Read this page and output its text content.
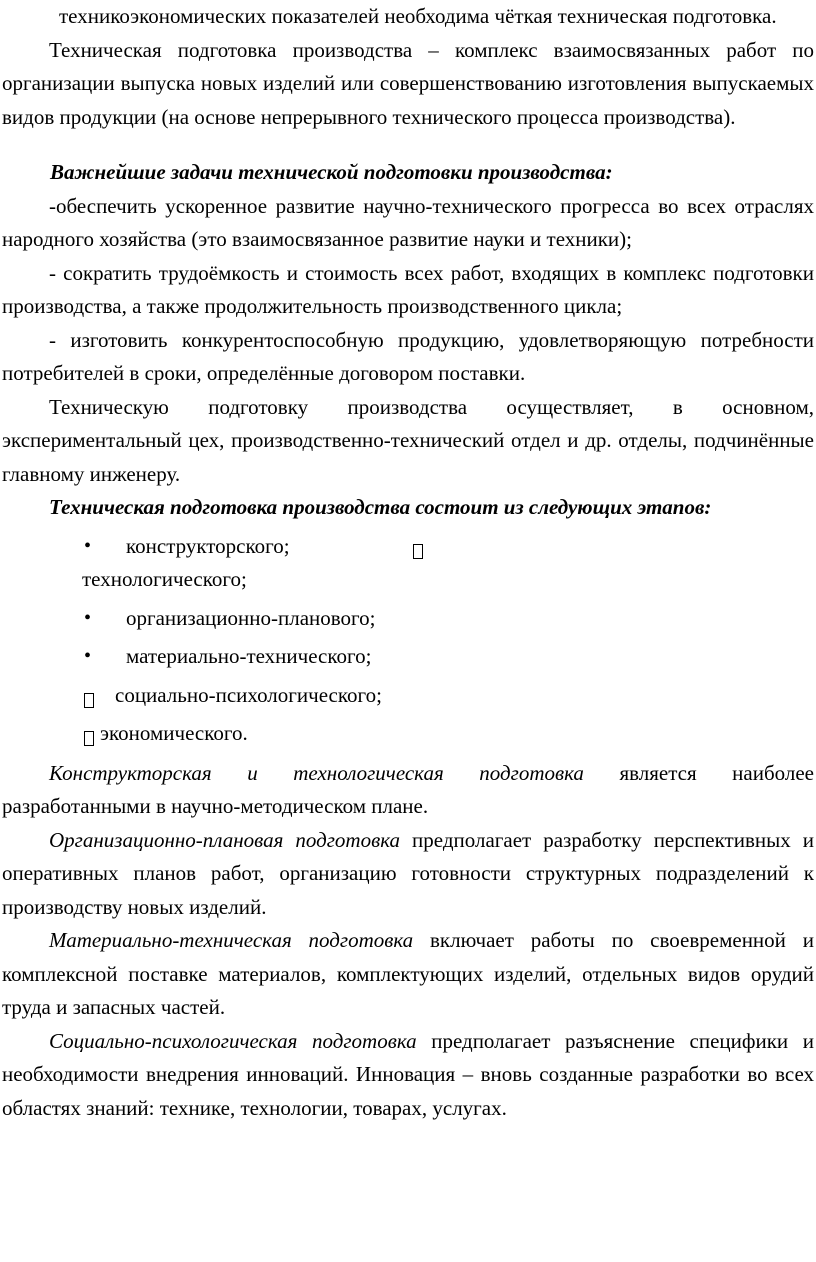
техникоэкономических показателей необходима чёткая техническая подготовка.

Техническая подготовка производства – комплекс взаимосвязанных работ по организации выпуска новых изделий или совершенствованию изготовления выпускаемых видов продукции (на основе непрерывного технического процесса производства).

Важнейшие задачи технической подготовки производства:

-обеспечить ускоренное развитие научно-технического прогресса во всех отраслях народного хозяйства (это взаимосвязанное развитие науки и техники);

- сократить трудоёмкость и стоимость всех работ, входящих в комплекс подготовки производства, а также продолжительность производственного цикла;

- изготовить конкурентоспособную продукцию, удовлетворяющую потребности потребителей в сроки, определённые договором поставки.

Техническую подготовку производства осуществляет, в основном, экспериментальный цех, производственно-технический отдел и др. отделы, подчинённые главному инженеру.

Техническая подготовка производства состоит из следующих этапов:

• конструкторского;
технологического;
• организационно-планового;
• материально-технического;
социально-психологического;
экономического.

Конструкторская и технологическая подготовка является наиболее разработанными в научно-методическом плане.

Организационно-плановая подготовка предполагает разработку перспективных и оперативных планов работ, организацию готовности структурных подразделений к производству новых изделий.

Материально-техническая подготовка включает работы по своевременной и комплексной поставке материалов, комплектующих изделий, отдельных видов орудий труда и запасных частей.

Социально-психологическая подготовка предполагает разъяснение специфики и необходимости внедрения инноваций. Инновация – вновь созданные разработки во всех областях знаний: технике, технологии, товарах, услугах.
